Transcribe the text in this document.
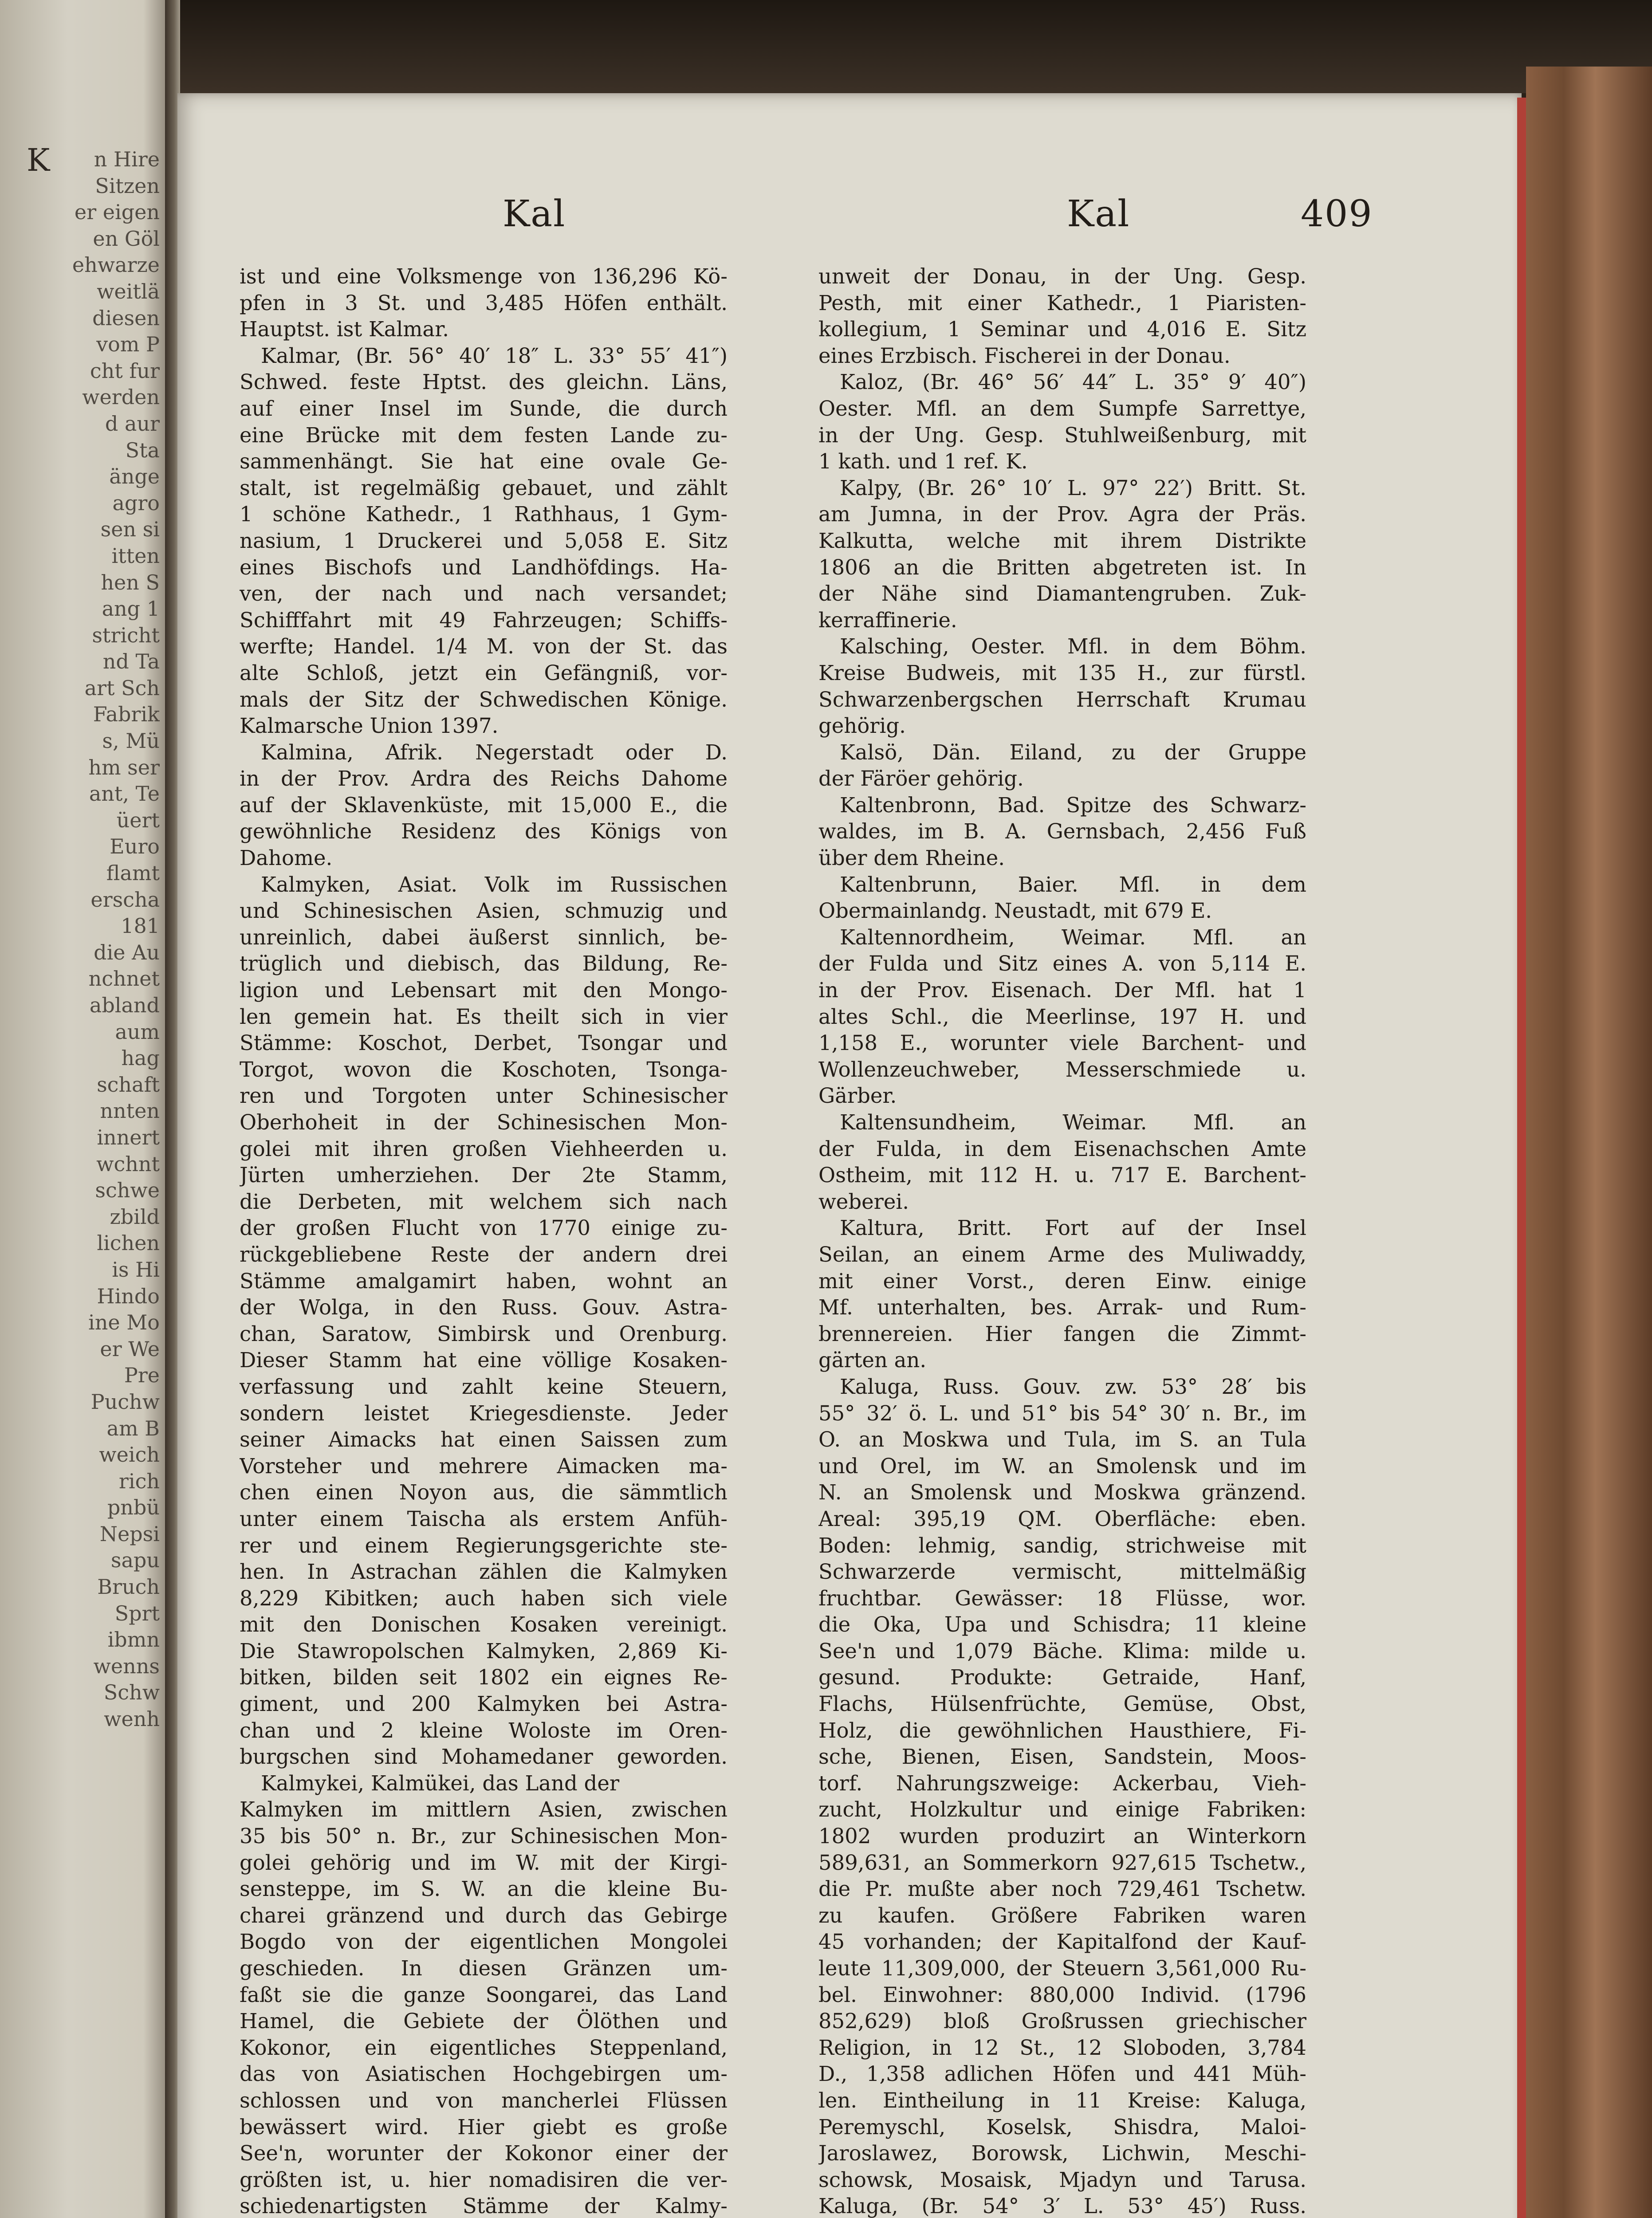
K	n Hire
Sitzen
er eigen
en Göl
ehwarze
weitlä
diesen
vom P
cht fur
werden
d aur
Sta
änge
agro
sen si
itten
hen S
ang 1
stricht
nd Ta
art Sch
Fabrik
s, Mü
hm ser
ant, Te
üert
Euro
flamt
erscha
181
die Au
nchnet
abland
aum
hag
schaft
nnten
innert
wchnt
schwe
zbild
lichen
is Hi
Hindo
ine Mo
er We
Pre
Puchw
am B
weich
rich
pnbü
Nepsi
sapu
Bruch
Sprt
ibmn
wenns
Schw
wenh
Kal	Kal	409
ist und eine Volksmenge von 136,296 Kö-
pfen in 3 St. und 3,485 Höfen enthält.
Hauptst. ist Kalmar.
Kalmar, (Br. 56° 40′ 18″ L. 33° 55′ 41″)
Schwed. feste Hptst. des gleichn. Läns,
auf einer Insel im Sunde, die durch
eine Brücke mit dem festen Lande zu-
sammenhängt. Sie hat eine ovale Ge-
stalt, ist regelmäßig gebauet, und zählt
1 schöne Kathedr., 1 Rathhaus, 1 Gym-
nasium, 1 Druckerei und 5,058 E. Sitz
eines Bischofs und Landhöfdings. Ha-
ven, der nach und nach versandet;
Schifffahrt mit 49 Fahrzeugen; Schiffs-
werfte; Handel. 1/4 M. von der St. das
alte Schloß, jetzt ein Gefängniß, vor-
mals der Sitz der Schwedischen Könige.
Kalmarsche Union 1397.
Kalmina, Afrik. Negerstadt oder D.
in der Prov. Ardra des Reichs Dahome
auf der Sklavenküste, mit 15,000 E., die
gewöhnliche Residenz des Königs von
Dahome.
Kalmyken, Asiat. Volk im Russischen
und Schinesischen Asien, schmuzig und
unreinlich, dabei äußerst sinnlich, be-
trüglich und diebisch, das Bildung, Re-
ligion und Lebensart mit den Mongo-
len gemein hat. Es theilt sich in vier
Stämme: Koschot, Derbet, Tsongar und
Torgot, wovon die Koschoten, Tsonga-
ren und Torgoten unter Schinesischer
Oberhoheit in der Schinesischen Mon-
golei mit ihren großen Viehheerden u.
Jürten umherziehen. Der 2te Stamm,
die Derbeten, mit welchem sich nach
der großen Flucht von 1770 einige zu-
rückgebliebene Reste der andern drei
Stämme amalgamirt haben, wohnt an
der Wolga, in den Russ. Gouv. Astra-
chan, Saratow, Simbirsk und Orenburg.
Dieser Stamm hat eine völlige Kosaken-
verfassung und zahlt keine Steuern,
sondern leistet Kriegesdienste. Jeder
seiner Aimacks hat einen Saissen zum
Vorsteher und mehrere Aimacken ma-
chen einen Noyon aus, die sämmtlich
unter einem Taischa als erstem Anfüh-
rer und einem Regierungsgerichte ste-
hen. In Astrachan zählen die Kalmyken
8,229 Kibitken; auch haben sich viele
mit den Donischen Kosaken vereinigt.
Die Stawropolschen Kalmyken, 2,869 Ki-
bitken, bilden seit 1802 ein eignes Re-
giment, und 200 Kalmyken bei Astra-
chan und 2 kleine Woloste im Oren-
burgschen sind Mohamedaner geworden.
Kalmykei, Kalmükei, das Land der
Kalmyken im mittlern Asien, zwischen
35 bis 50° n. Br., zur Schinesischen Mon-
golei gehörig und im W. mit der Kirgi-
sensteppe, im S. W. an die kleine Bu-
charei gränzend und durch das Gebirge
Bogdo von der eigentlichen Mongolei
geschieden. In diesen Gränzen um-
faßt sie die ganze Soongarei, das Land
Hamel, die Gebiete der Ölöthen und
Kokonor, ein eigentliches Steppenland,
das von Asiatischen Hochgebirgen um-
schlossen und von mancherlei Flüssen
bewässert wird. Hier giebt es große
See'n, worunter der Kokonor einer der
größten ist, u. hier nomadisiren die ver-
schiedenartigsten Stämme der Kalmy-
unweit der Donau, in der Ung. Gesp.
Pesth, mit einer Kathedr., 1 Piaristen-
kollegium, 1 Seminar und 4,016 E. Sitz
eines Erzbisch. Fischerei in der Donau.
Kaloz, (Br. 46° 56′ 44″ L. 35° 9′ 40″)
Oester. Mfl. an dem Sumpfe Sarrettye,
in der Ung. Gesp. Stuhlweißenburg, mit
1 kath. und 1 ref. K.
Kalpy, (Br. 26° 10′ L. 97° 22′) Britt. St.
am Jumna, in der Prov. Agra der Präs.
Kalkutta, welche mit ihrem Distrikte
1806 an die Britten abgetreten ist. In
der Nähe sind Diamantengruben. Zuk-
kerraffinerie.
Kalsching, Oester. Mfl. in dem Böhm.
Kreise Budweis, mit 135 H., zur fürstl.
Schwarzenbergschen Herrschaft Krumau
gehörig.
Kalsö, Dän. Eiland, zu der Gruppe
der Färöer gehörig.
Kaltenbronn, Bad. Spitze des Schwarz-
waldes, im B. A. Gernsbach, 2,456 Fuß
über dem Rheine.
Kaltenbrunn, Baier. Mfl. in dem
Obermainlandg. Neustadt, mit 679 E.
Kaltennordheim, Weimar. Mfl. an
der Fulda und Sitz eines A. von 5,114 E.
in der Prov. Eisenach. Der Mfl. hat 1
altes Schl., die Meerlinse, 197 H. und
1,158 E., worunter viele Barchent- und
Wollenzeuchweber, Messerschmiede u.
Gärber.
Kaltensundheim, Weimar. Mfl. an
der Fulda, in dem Eisenachschen Amte
Ostheim, mit 112 H. u. 717 E. Barchent-
weberei.
Kaltura, Britt. Fort auf der Insel
Seilan, an einem Arme des Muliwaddy,
mit einer Vorst., deren Einw. einige
Mf. unterhalten, bes. Arrak- und Rum-
brennereien. Hier fangen die Zimmt-
gärten an.
Kaluga, Russ. Gouv. zw. 53° 28′ bis
55° 32′ ö. L. und 51° bis 54° 30′ n. Br., im
O. an Moskwa und Tula, im S. an Tula
und Orel, im W. an Smolensk und im
N. an Smolensk und Moskwa gränzend.
Areal: 395,19 QM. Oberfläche: eben.
Boden: lehmig, sandig, strichweise mit
Schwarzerde vermischt, mittelmäßig
fruchtbar. Gewässer: 18 Flüsse, wor.
die Oka, Upa und Schisdra; 11 kleine
See'n und 1,079 Bäche. Klima: milde u.
gesund. Produkte: Getraide, Hanf,
Flachs, Hülsenfrüchte, Gemüse, Obst,
Holz, die gewöhnlichen Hausthiere, Fi-
sche, Bienen, Eisen, Sandstein, Moos-
torf. Nahrungszweige: Ackerbau, Vieh-
zucht, Holzkultur und einige Fabriken:
1802 wurden produzirt an Winterkorn
589,631, an Sommerkorn 927,615 Tschetw.,
die Pr. mußte aber noch 729,461 Tschetw.
zu kaufen. Größere Fabriken waren
45 vorhanden; der Kapitalfond der Kauf-
leute 11,309,000, der Steuern 3,561,000 Ru-
bel. Einwohner: 880,000 Individ. (1796
852,629) bloß Großrussen griechischer
Religion, in 12 St., 12 Sloboden, 3,784
D., 1,358 adlichen Höfen und 441 Müh-
len. Eintheilung in 11 Kreise: Kaluga,
Peremyschl, Koselsk, Shisdra, Maloi-
Jaroslawez, Borowsk, Lichwin, Meschi-
schowsk, Mosaisk, Mjadyn und Tarusa.
Kaluga, (Br. 54° 3′ L. 53° 45′) Russ.
